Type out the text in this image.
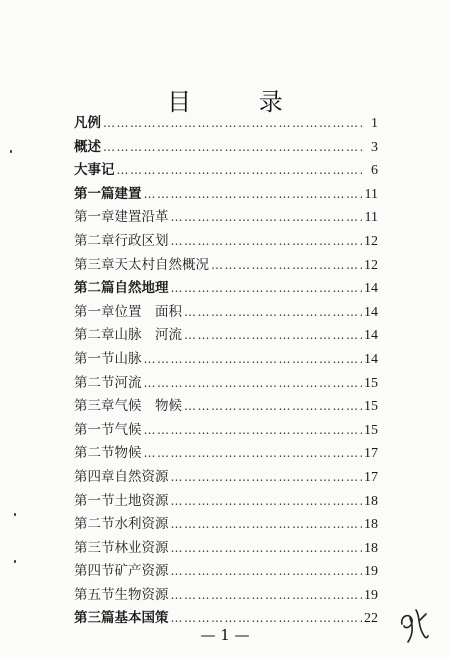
目 录
凡例 ……………………………………………………………………………………………	1
概述 ……………………………………………………………………………………………	3
大事记 ……………………………………………………………………………………………	6
第一篇 建置 ……………………………………………………………………………………………	11
第一章 建置沿革 ……………………………………………………………………………………………	11
第二章 行政区划 ……………………………………………………………………………………………	12
第三章 天太村自然概况 ……………………………………………………………………………………………	12
第二篇 自然地理 ……………………………………………………………………………………………	14
第一章 位置　面积 ……………………………………………………………………………………………	14
第二章 山脉　河流 ……………………………………………………………………………………………	14
第一节 山脉 ……………………………………………………………………………………………	14
第二节 河流 ……………………………………………………………………………………………	15
第三章 气候　物候 ……………………………………………………………………………………………	15
第一节 气候 ……………………………………………………………………………………………	15
第二节 物候 ……………………………………………………………………………………………	17
第四章 自然资源 ……………………………………………………………………………………………	17
第一节 土地资源 ……………………………………………………………………………………………	18
第二节 水利资源 ……………………………………………………………………………………………	18
第三节 林业资源 ……………………………………………………………………………………………	18
第四节 矿产资源 ……………………………………………………………………………………………	19
第五节 生物资源 ……………………………………………………………………………………………	19
第三篇 基本国策 ……………………………………………………………………………………………	22
— 1 —
